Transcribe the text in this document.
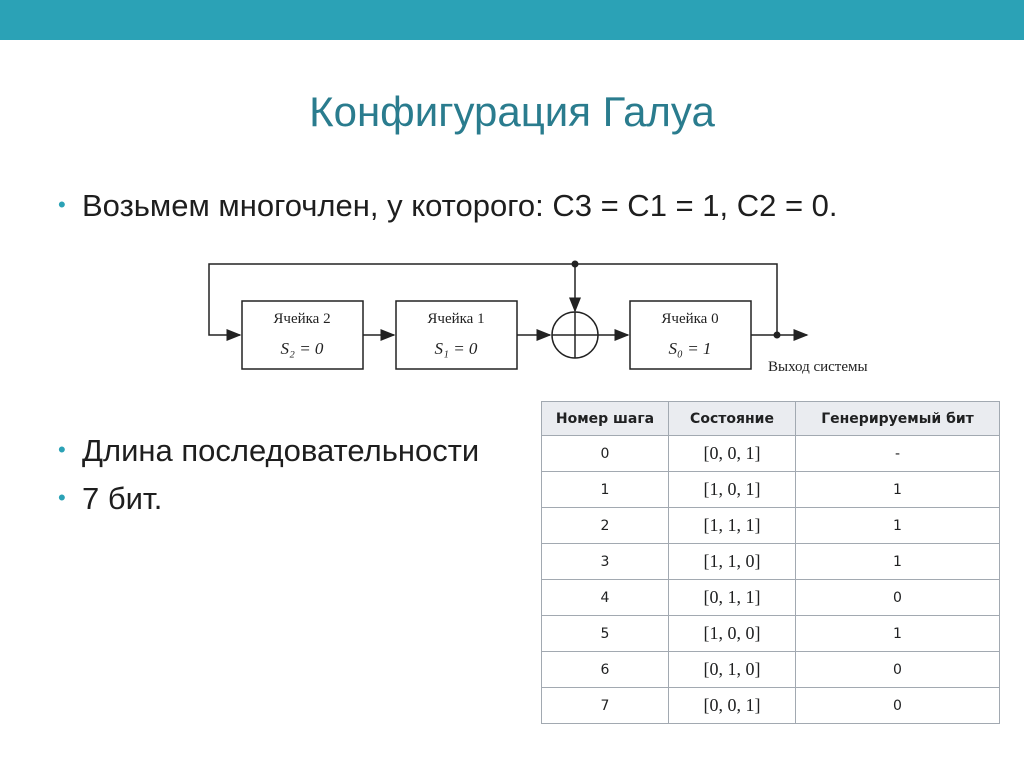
Конфигурация Галуа
• Возьмем многочлен, у которого: С3 = С1 = 1, С2 = 0.
Ячейка 2
S₂ = 0
Ячейка 1
S₁ = 0
Ячейка 0
S₀ = 1
Выход системы
• Длина последовательности
• 7 бит.
Номер шага	Состояние	Генерируемый бит
0	[0, 0, 1]	-
1	[1, 0, 1]	1
2	[1, 1, 1]	1
3	[1, 1, 0]	1
4	[0, 1, 1]	0
5	[1, 0, 0]	1
6	[0, 1, 0]	0
7	[0, 0, 1]	0
